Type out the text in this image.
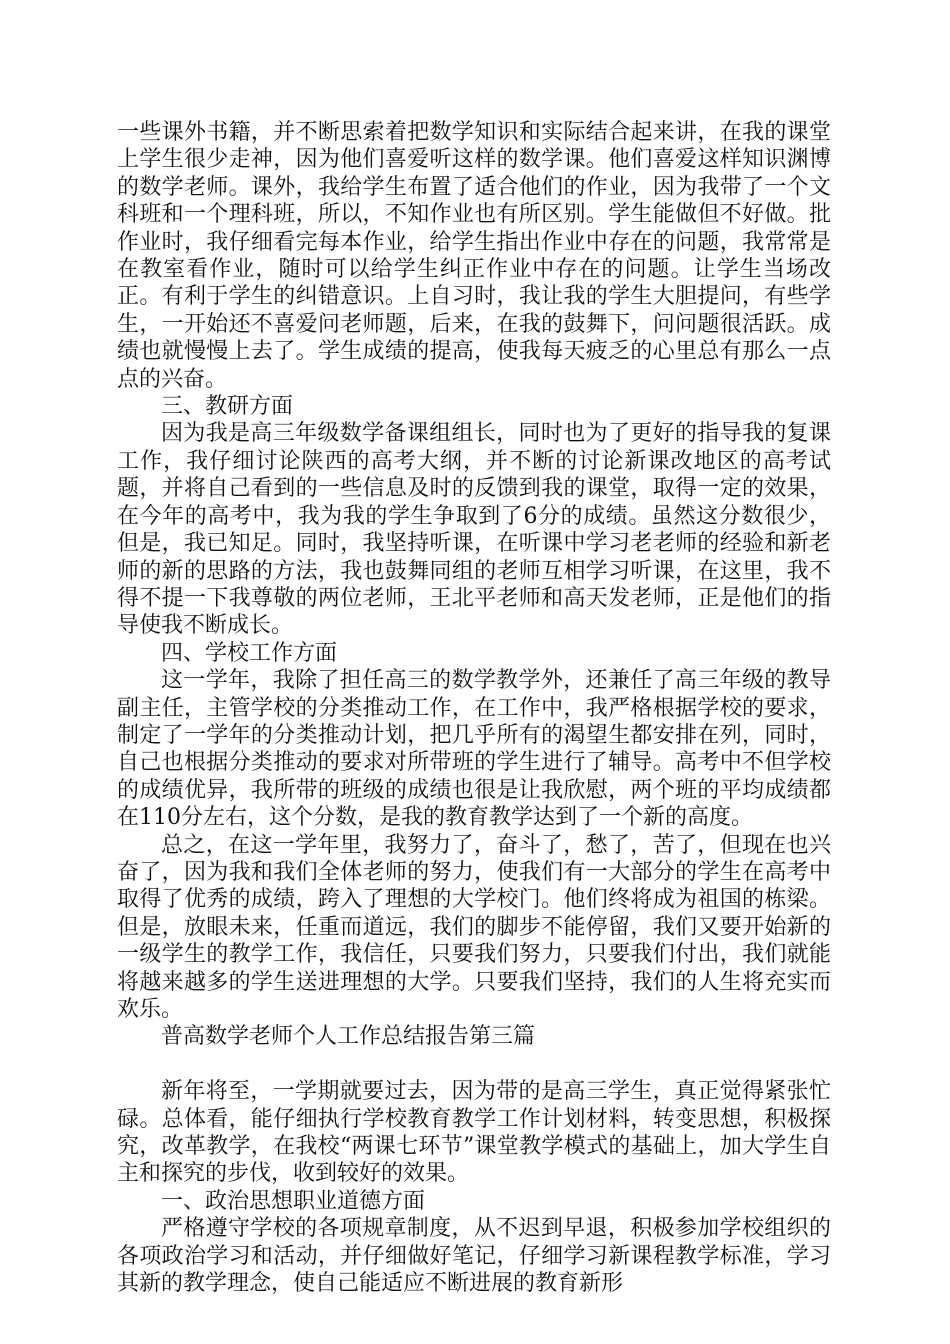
一些课外书籍，并不断思索着把数学知识和实际结合起来讲，在我的课堂上学生很少走神，因为他们喜爱听这样的数学课。他们喜爱这样知识渊博的数学老师。课外，我给学生布置了适合他们的作业，因为我带了一个文科班和一个理科班，所以，不知作业也有所区别。学生能做但不好做。批作业时，我仔细看完每本作业，给学生指出作业中存在的问题，我常常是在教室看作业，随时可以给学生纠正作业中存在的问题。让学生当场改正。有利于学生的纠错意识。上自习时，我让我的学生大胆提问，有些学生，一开始还不喜爱问老师题，后来，在我的鼓舞下，问问题很活跃。成绩也就慢慢上去了。学生成绩的提高，使我每天疲乏的心里总有那么一点点的兴奋。

三、教研方面

因为我是高三年级数学备课组组长，同时也为了更好的指导我的复课工作，我仔细讨论陕西的高考大纲，并不断的讨论新课改地区的高考试题，并将自己看到的一些信息及时的反馈到我的课堂，取得一定的效果，在今年的高考中，我为我的学生争取到了6分的成绩。虽然这分数很少，但是，我已知足。同时，我坚持听课，在听课中学习老老师的经验和新老师的新的思路的方法，我也鼓舞同组的老师互相学习听课，在这里，我不得不提一下我尊敬的两位老师，王北平老师和高天发老师，正是他们的指导使我不断成长。

四、学校工作方面

这一学年，我除了担任高三的数学教学外，还兼任了高三年级的教导副主任，主管学校的分类推动工作，在工作中，我严格根据学校的要求，制定了一学年的分类推动计划，把几乎所有的渴望生都安排在列，同时，自己也根据分类推动的要求对所带班的学生进行了辅导。高考中不但学校的成绩优异，我所带的班级的成绩也很是让我欣慰，两个班的平均成绩都在110分左右，这个分数，是我的教育教学达到了一个新的高度。

总之，在这一学年里，我努力了，奋斗了，愁了，苦了，但现在也兴奋了，因为我和我们全体老师的努力，使我们有一大部分的学生在高考中取得了优秀的成绩，跨入了理想的大学校门。他们终将成为祖国的栋梁。但是，放眼未来，任重而道远，我们的脚步不能停留，我们又要开始新的一级学生的教学工作，我信任，只要我们努力，只要我们付出，我们就能将越来越多的学生送进理想的大学。只要我们坚持，我们的人生将充实而欢乐。

普高数学老师个人工作总结报告第三篇

新年将至，一学期就要过去，因为带的是高三学生，真正觉得紧张忙碌。总体看，能仔细执行学校教育教学工作计划材料，转变思想，积极探究，改革教学，在我校“两课七环节”课堂教学模式的基础上，加大学生自主和探究的步伐，收到较好的效果。

一、政治思想职业道德方面

严格遵守学校的各项规章制度，从不迟到早退，积极参加学校组织的各项政治学习和活动，并仔细做好笔记，仔细学习新课程教学标准，学习其新的教学理念，使自己能适应不断进展的教育新形
